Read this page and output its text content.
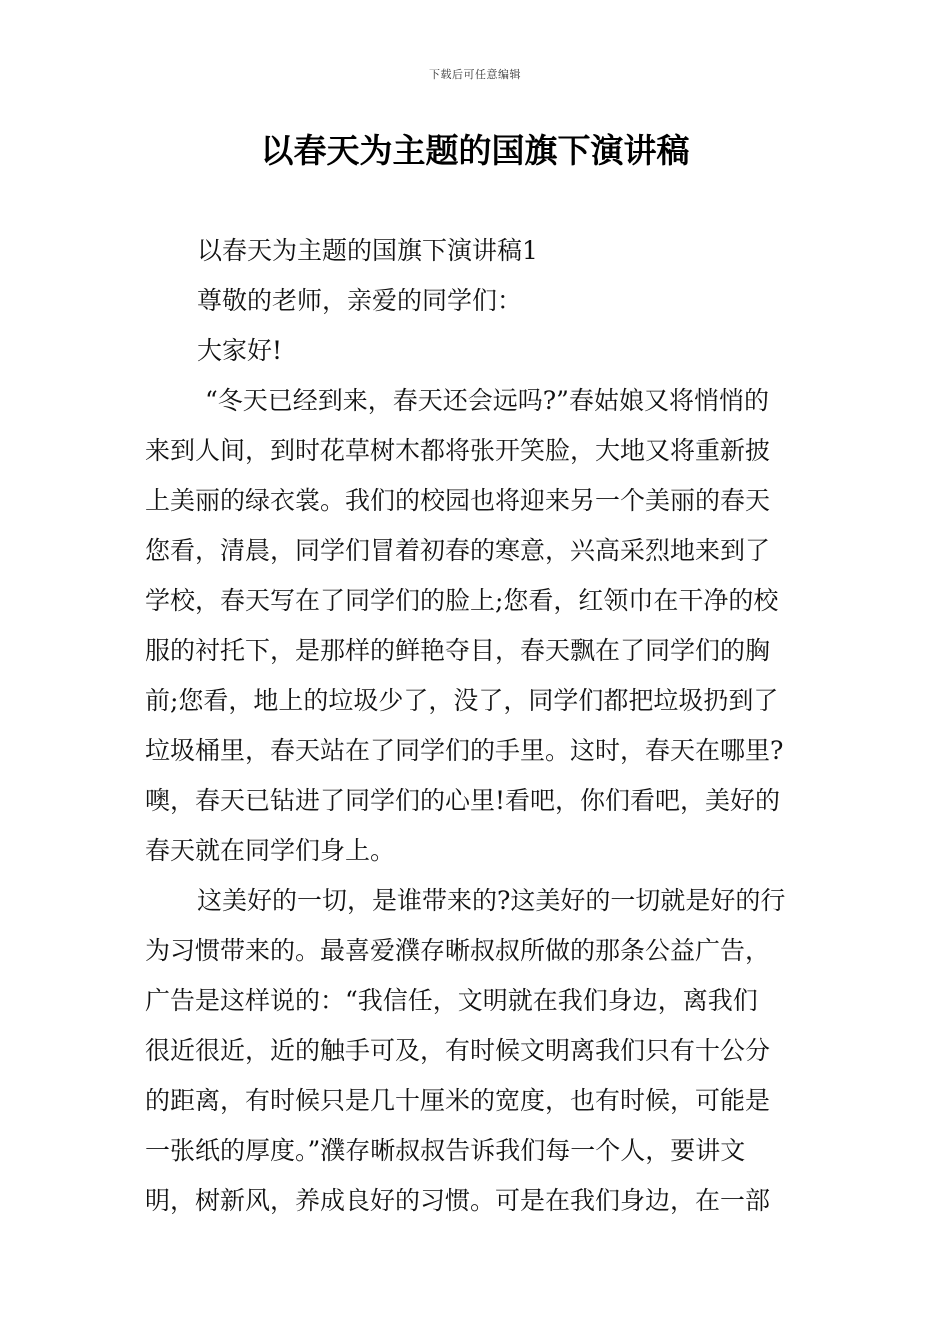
下载后可任意编辑
以春天为主题的国旗下演讲稿
以春天为主题的国旗下演讲稿1
尊敬的老师，亲爱的同学们：
大家好!
“冬天已经到来，春天还会远吗?”春姑娘又将悄悄的
来到人间，到时花草树木都将张开笑脸，大地又将重新披
上美丽的绿衣裳。我们的校园也将迎来另一个美丽的春天
您看，清晨，同学们冒着初春的寒意，兴高采烈地来到了
学校，春天写在了同学们的脸上;您看，红领巾在干净的校
服的衬托下，是那样的鲜艳夺目，春天飘在了同学们的胸
前;您看，地上的垃圾少了，没了，同学们都把垃圾扔到了
垃圾桶里，春天站在了同学们的手里。这时，春天在哪里?
噢，春天已钻进了同学们的心里!看吧，你们看吧，美好的
春天就在同学们身上。
这美好的一切，是谁带来的?这美好的一切就是好的行
为习惯带来的。最喜爱濮存晰叔叔所做的那条公益广告，
广告是这样说的：“我信任，文明就在我们身边，离我们
很近很近，近的触手可及，有时候文明离我们只有十公分
的距离，有时候只是几十厘米的宽度，也有时候，可能是
一张纸的厚度。”濮存晰叔叔告诉我们每一个人，要讲文
明，树新风，养成良好的习惯。可是在我们身边，在一部
